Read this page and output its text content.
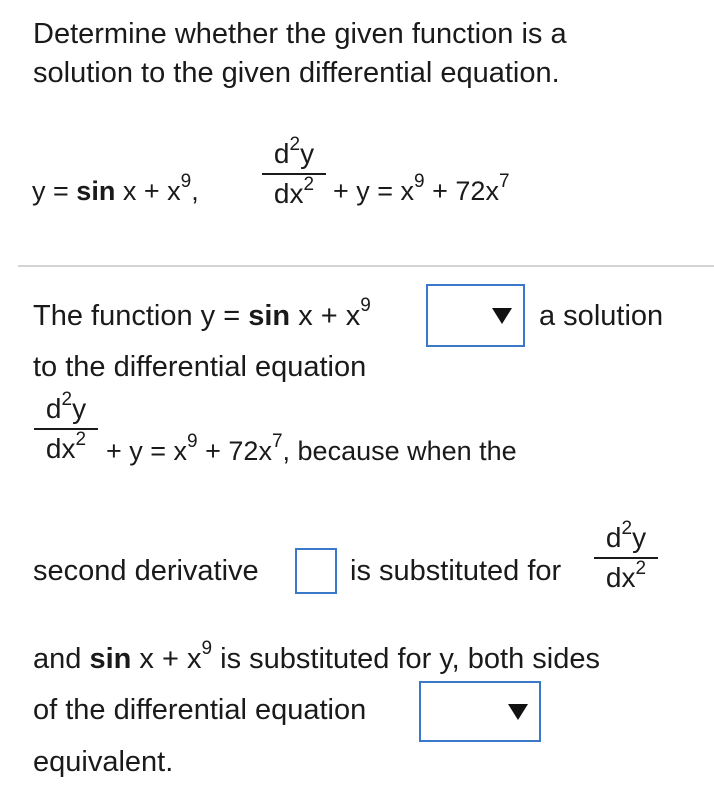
Determine whether the given function is a
solution to the given differential equation.
$y = \sin x + x^9$,
$d^2y$
$dx^2 + y = x^9 + 72x^7$
The function $y = \sin x + x^9$	a solution
to the differential equation
$d^2y$
$dx^2 + y = x^9 + 72x^7$, because when the
second derivative	is substituted for
$d^2y$
$dx^2$
and $\sin x + x^9$ is substituted for y, both sides
of the differential equation
equivalent.
